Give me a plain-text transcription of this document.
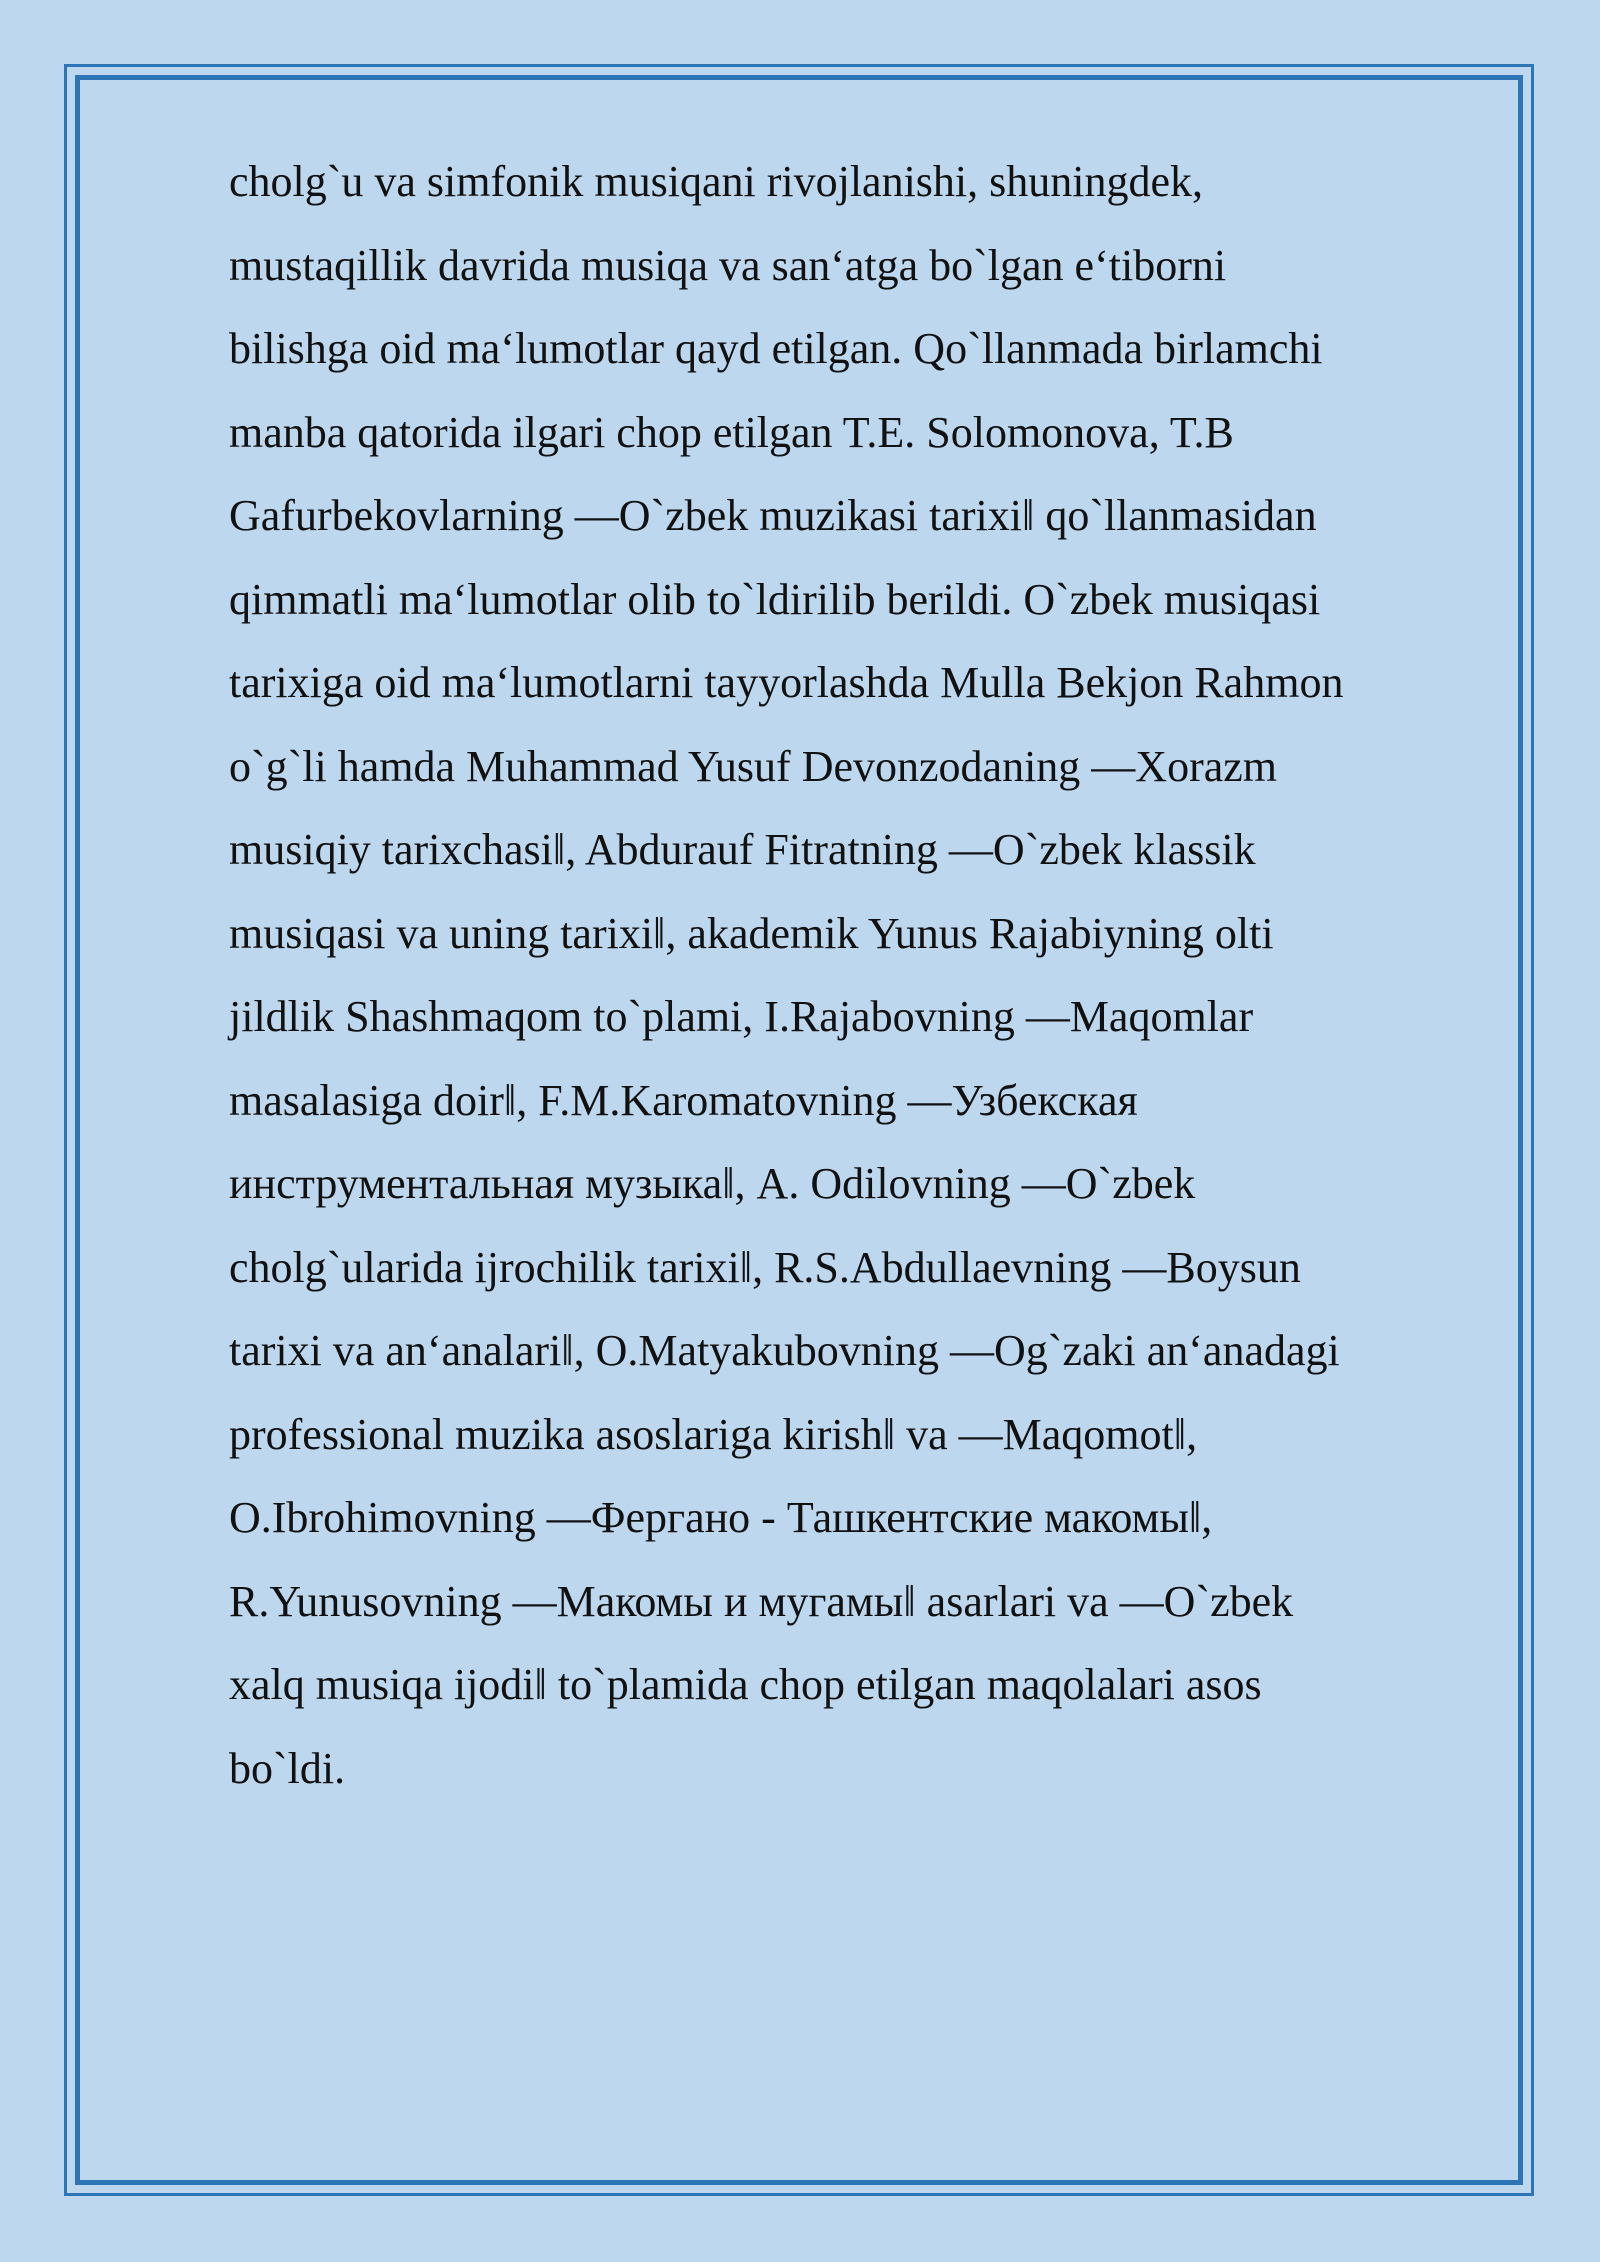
cholg`u va simfonik musiqani rivojlanishi, shuningdek,
mustaqillik davrida musiqa va san‘atga bo`lgan e‘tiborni
bilishga oid ma‘lumotlar qayd etilgan. Qo`llanmada birlamchi
manba qatorida ilgari chop etilgan T.E. Solomonova, T.B
Gafurbekovlarning ―O`zbek muzikasi tarixi‖ qo`llanmasidan
qimmatli ma‘lumotlar olib to`ldirilib berildi. O`zbek musiqasi
tarixiga oid ma‘lumotlarni tayyorlashda Mulla Bekjon Rahmon
o`g`li hamda Muhammad Yusuf Devonzodaning ―Xorazm
musiqiy tarixchasi‖, Abdurauf Fitratning ―O`zbek klassik
musiqasi va uning tarixi‖, akademik Yunus Rajabiyning olti
jildlik Shashmaqom to`plami, I.Rajabovning ―Maqomlar
masalasiga doir‖, F.M.Karomatovning ―Узбекская
инструментальная музыка‖, A. Odilovning ―O`zbek
cholg`ularida ijrochilik tarixi‖, R.S.Abdullaevning ―Boysun
tarixi va an‘analari‖, O.Matyakubovning ―Og`zaki an‘anadagi
professional muzika asoslariga kirish‖ va ―Maqomot‖,
O.Ibrohimovning ―Фергано - Ташкентские макомы‖,
R.Yunusovning ―Макомы и мугамы‖ asarlari va ―O`zbek
xalq musiqa ijodi‖ to`plamida chop etilgan maqolalari asos
bo`ldi.
